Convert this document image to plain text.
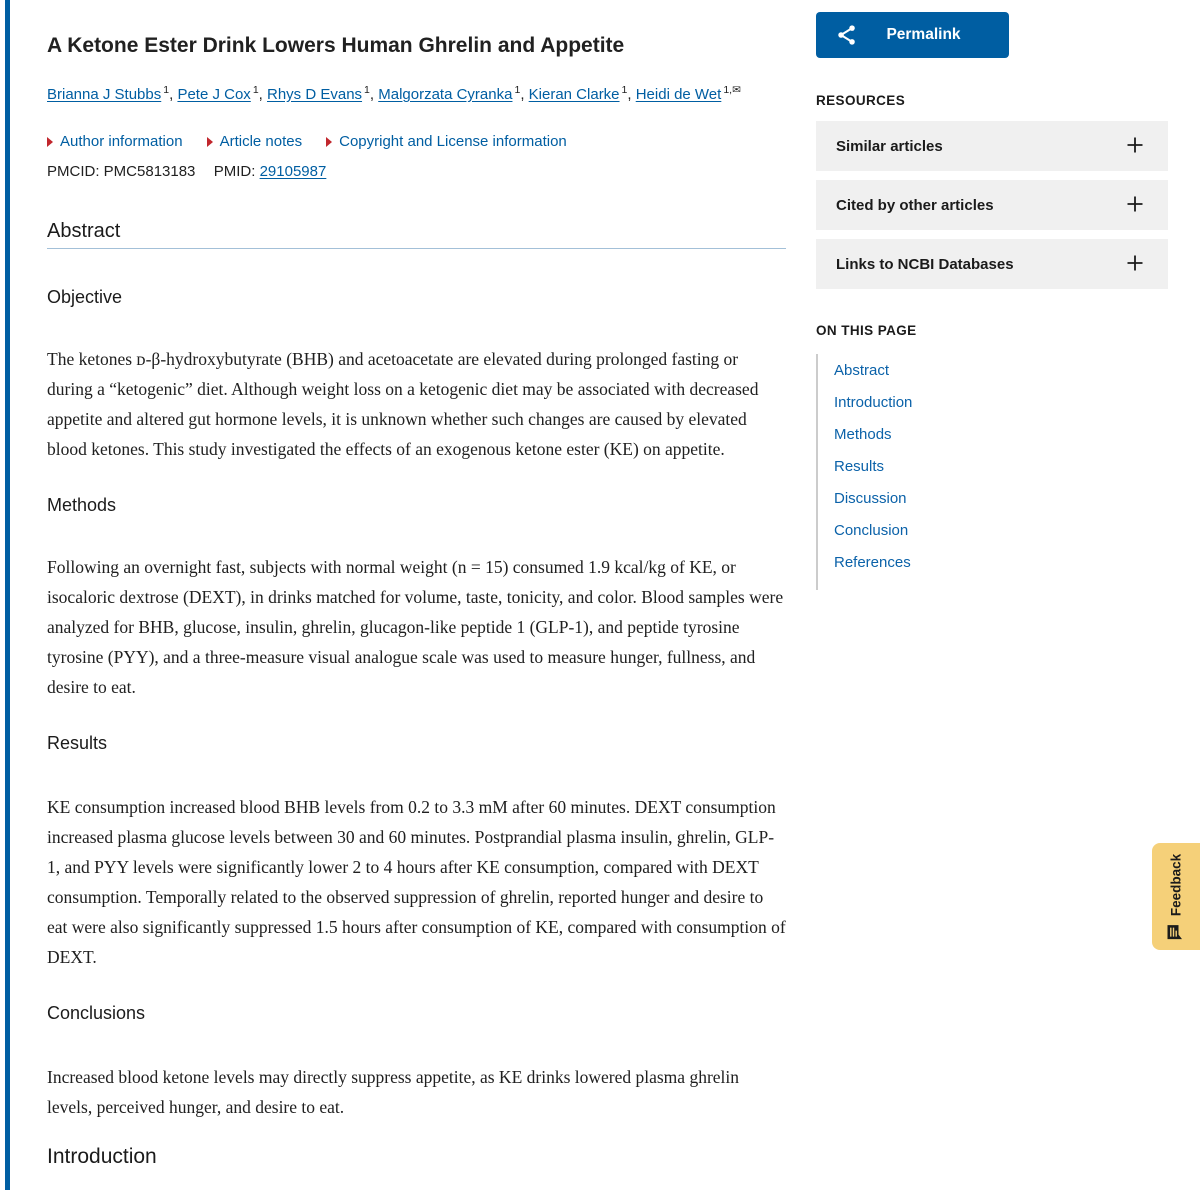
A Ketone Ester Drink Lowers Human Ghrelin and Appetite
Brianna J Stubbs $^1$ , Pete J Cox $^1$ , Rhys D Evans $^1$ , Malgorzata Cyranka $^1$ , Kieran Clarke $^1$ , Heidi de Wet $^{1,✉}$
Author information Article notes Copyright and License information
PMCID: PMC5813183 PMID: 29105987
Abstract
Objective

The ketones ᴅ-β-hydroxybutyrate (BHB) and acetoacetate are elevated during prolonged fasting or during a “ketogenic” diet. Although weight loss on a ketogenic diet may be associated with decreased appetite and altered gut hormone levels, it is unknown whether such changes are caused by elevated blood ketones. This study investigated the effects of an exogenous ketone ester (KE) on appetite.

Methods

Following an overnight fast, subjects with normal weight (n = 15) consumed 1.9 kcal/kg of KE, or isocaloric dextrose (DEXT), in drinks matched for volume, taste, tonicity, and color. Blood samples were analyzed for BHB, glucose, insulin, ghrelin, glucagon-like peptide 1 (GLP-1), and peptide tyrosine tyrosine (PYY), and a three-measure visual analogue scale was used to measure hunger, fullness, and desire to eat.

Results

KE consumption increased blood BHB levels from 0.2 to 3.3 mM after 60 minutes. DEXT consumption increased plasma glucose levels between 30 and 60 minutes. Postprandial plasma insulin, ghrelin, GLP-1, and PYY levels were significantly lower 2 to 4 hours after KE consumption, compared with DEXT consumption. Temporally related to the observed suppression of ghrelin, reported hunger and desire to eat were also significantly suppressed 1.5 hours after consumption of KE, compared with consumption of DEXT.

Conclusions

Increased blood ketone levels may directly suppress appetite, as KE drinks lowered plasma ghrelin levels, perceived hunger, and desire to eat.

Introduction
Permalink
RESOURCES
Similar articles
Cited by other articles
Links to NCBI Databases
ON THIS PAGE
Abstract
Introduction
Methods
Results
Discussion
Conclusion
References
Feedback
